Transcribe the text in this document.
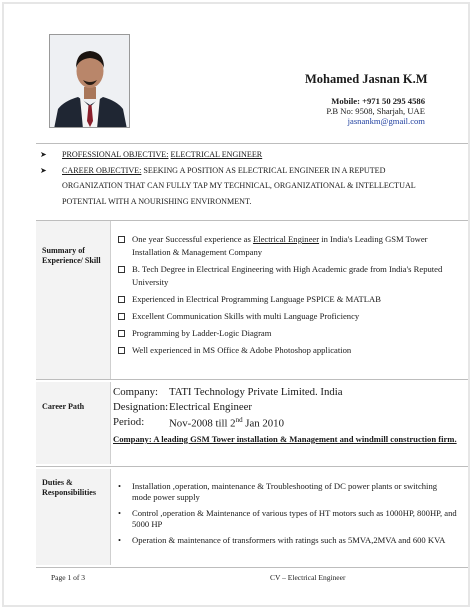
Mohamed Jasnan K.M
Mobile: +971 50 295 4586
P.B No: 9508, Sharjah, UAE
jasnankm@gmail.com
➤ PROFESSIONAL OBJECTIVE: ELECTRICAL ENGINEER
➤ CAREER OBJECTIVE: SEEKING A POSITION AS ELECTRICAL ENGINEER IN A REPUTED
ORGANIZATION THAT CAN FULLY TAP MY TECHNICAL, ORGANIZATIONAL & INTELLECTUAL
POTENTIAL WITH A NOURISHING ENVIRONMENT.
Summary of
Experience/ Skill
One year Successful experience as Electrical Engineer in India's Leading GSM Tower Installation & Management Company
B. Tech Degree in Electrical Engineering with High Academic grade from India's Reputed University
Experienced in Electrical Programming Language PSPICE & MATLAB
Excellent Communication Skills with multi Language Proficiency
Programming by Ladder-Logic Diagram
Well experienced in MS Office & Adobe Photoshop application
Career Path
Company: TATI Technology Private Limited. India
Designation: Electrical Engineer
Period: Nov-2008 till 2nd Jan 2010
Company: A leading GSM Tower installation & Management and windmill construction firm.
Duties &
Responsibilities
• Installation ,operation, maintenance & Troubleshooting of DC power plants or switching mode power supply
• Control ,operation & Maintenance of various types of HT motors such as 1000HP, 800HP, and 5000 HP
• Operation & maintenance of transformers with ratings such as 5MVA,2MVA and 600 KVA
Page 1 of 3	CV – Electrical Engineer
